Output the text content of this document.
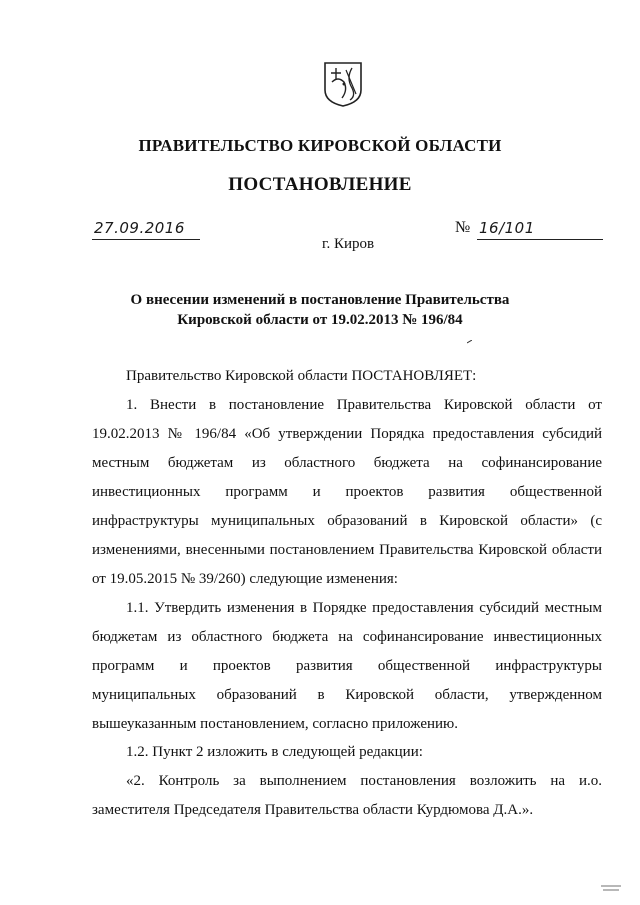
ПРАВИТЕЛЬСТВО КИРОВСКОЙ ОБЛАСТИ
ПОСТАНОВЛЕНИЕ
27.09.2016	№ 16/101
г. Киров
О внесении изменений в постановление Правительства
Кировской области от 19.02.2013 № 196/84

Правительство Кировской области ПОСТАНОВЛЯЕТ:

1. Внести в постановление Правительства Кировской области от 19.02.2013 № 196/84 «Об утверждении Порядка предоставления субсидий местным бюджетам из областного бюджета на софинансирование инвестиционных программ и проектов развития общественной инфраструктуры муниципальных образований в Кировской области» (с изменениями, внесенными постановлением Правительства Кировской области от 19.05.2015 № 39/260) следующие изменения:

1.1. Утвердить изменения в Порядке предоставления субсидий местным бюджетам из областного бюджета на софинансирование инвестиционных программ и проектов развития общественной инфраструктуры муниципальных образований в Кировской области, утвержденном вышеуказанным постановлением, согласно приложению.

1.2. Пункт 2 изложить в следующей редакции:

«2. Контроль за выполнением постановления возложить на и.о. заместителя Председателя Правительства области Курдюмова Д.А.».
